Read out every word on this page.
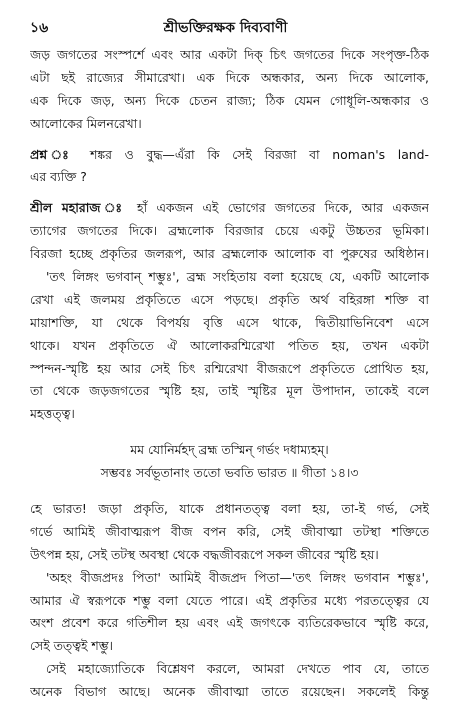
১৬	শ্রীভক্তিরক্ষক দিব্যবাণী
জড় জগতের সংস্পর্শে এবং আর একটা দিক্ চিৎ জগতের দিকে সংপৃক্ত-ঠিক
এটা ছই রাজ্যের সীমারেখা। এক দিকে অন্ধকার, অন্য দিকে আলোক,
এক দিকে জড়, অন্য দিকে চেতন রাজ্য; ঠিক যেমন গোধূলি-অন্ধকার ও
আলোকের মিলনরেখা।
প্রশ্ন ঃ শঙ্কর ও বুদ্ধ—এঁরা কি সেই বিরজা বা noman's land-
এর ব্যক্তি ?
শ্রীল মহারাজ ঃ হাঁ একজন এই ভোগের জগতের দিকে, আর একজন
ত্যাগের জগতের দিকে। ব্রহ্মলোক বিরজার চেয়ে একটু উচ্চতর ভূমিকা।
বিরজা হচ্ছে প্রকৃতির জলরূপ, আর ব্রহ্মলোক আলোক বা পুরুষের অধিষ্ঠান।
'তৎ লিঙ্গং ভগবান্ শম্ভুঃ', ব্রহ্ম সংহিতায় বলা হয়েছে যে, একটি আলোক
রেখা এই জলময় প্রকৃতিতে এসে পড়ছে। প্রকৃতি অর্থ বহিরঙ্গা শক্তি বা
মায়াশক্তি, যা থেকে বিপর্যয় বৃত্তি এসে থাকে, দ্বিতীয়াভিনিবেশ এসে
থাকে। যখন প্রকৃতিতে ঐ আলোকরশ্মিরেখা পতিত হয়, তখন একটা
স্পন্দন-স্মৃষ্টি হয় আর সেই চিৎ রশ্মিরেখা বীজরূপে প্রকৃতিতে প্রোথিত হয়,
তা থেকে জড়জগতের স্মৃষ্টি হয়, তাই স্মৃষ্টির মূল উপাদান, তাকেই বলে
মহত্তত্ত্ব।
মম যোনির্মহদ্ ব্রহ্ম তস্মিন্ গর্ভং দধাম্যহম্।
সম্ভবঃ সর্বভূতানাং ততো ভবতি ভারত ॥ গীতা ১৪।৩
হে ভারত! জড়া প্রকৃতি, যাকে প্রধানতত্ত্ব বলা হয়, তা-ই গর্ভ, সেই
গর্ভে আমিই জীবাত্মরূপ বীজ বপন করি, সেই জীবাত্মা তটস্থা শক্তিতে
উৎপন্ন হয়, সেই তটস্থ অবস্থা থেকে বদ্ধজীবরূপে সকল জীবের স্মৃষ্টি হয়।
'অহং বীজপ্রদঃ পিতা' আমিই বীজপ্রদ পিতা—'তৎ লিঙ্গং ভগবান শম্ভুঃ',
আমার ঐ স্বরূপকে শম্ভু বলা যেতে পারে। এই প্রকৃতির মধ্যে পরতত্ত্বের যে
অংশ প্রবেশ করে গতিশীল হয় এবং এই জগৎকে ব্যতিরেকভাবে স্মৃষ্টি করে,
সেই তত্ত্বই শম্ভু।
সেই মহাজ্যোতিকে বিশ্লেষণ করলে, আমরা দেখতে পাব যে, তাতে
অনেক বিভাগ আছে। অনেক জীবাত্মা তাতে রয়েছেন। সকলেই কিন্তু
